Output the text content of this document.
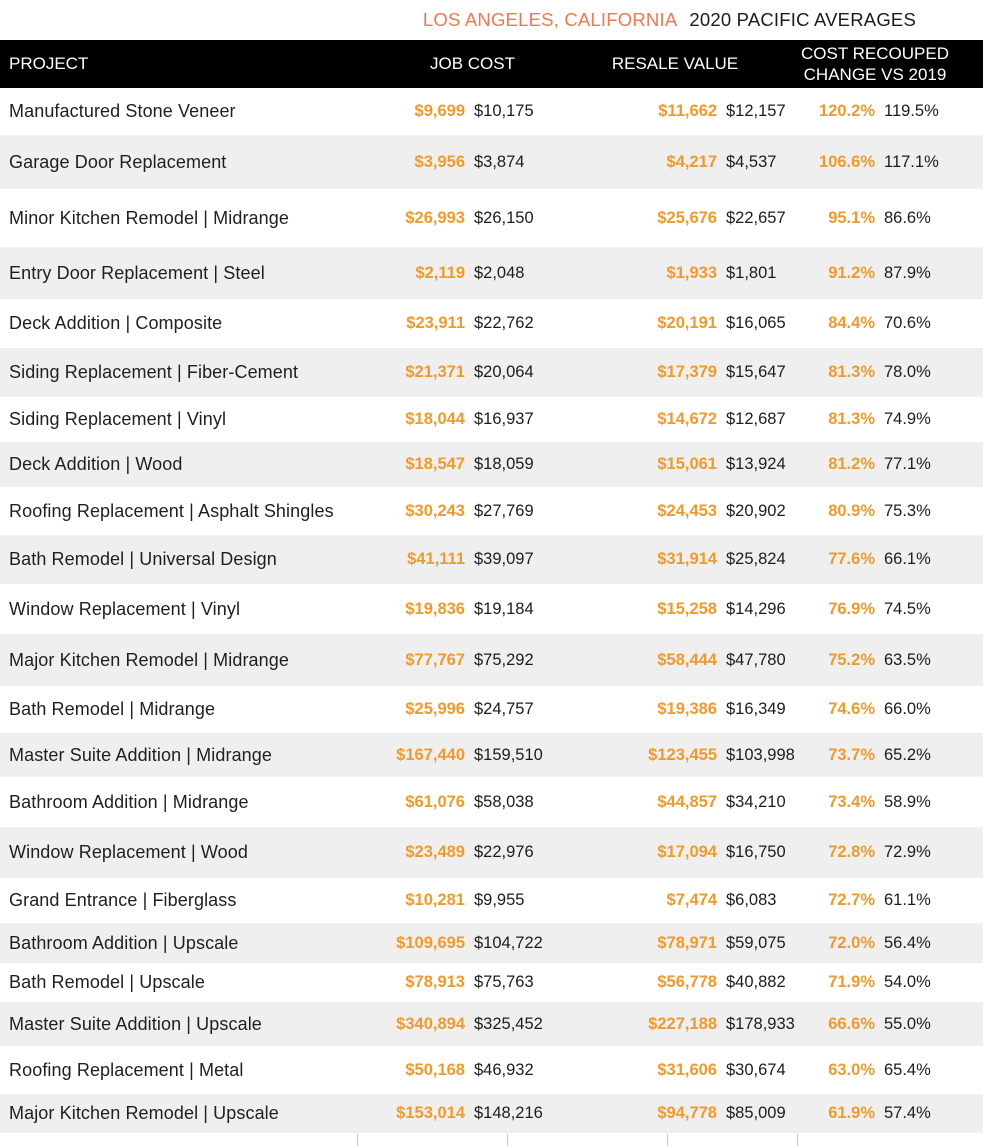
LOS ANGELES, CALIFORNIA 2020 PACIFIC AVERAGES
PROJECT	JOB COST	RESALE VALUE
COST RECOUPED
CHANGE VS 2019
Manufactured Stone Veneer	$9,699 $10,175	$11,662 $12,157	120.2% 119.5%
Garage Door Replacement	$3,956 $3,874	$4,217 $4,537	106.6% 117.1%
Minor Kitchen Remodel | Midrange	$26,993 $26,150	$25,676 $22,657	95.1% 86.6%
Entry Door Replacement | Steel	$2,119 $2,048	$1,933 $1,801	91.2% 87.9%
Deck Addition | Composite	$23,911 $22,762	$20,191 $16,065	84.4% 70.6%
Siding Replacement | Fiber-Cement	$21,371 $20,064	$17,379 $15,647	81.3% 78.0%
Siding Replacement | Vinyl	$18,044 $16,937	$14,672 $12,687	81.3% 74.9%
Deck Addition | Wood	$18,547 $18,059	$15,061 $13,924	81.2% 77.1%
Roofing Replacement | Asphalt Shingles	$30,243 $27,769	$24,453 $20,902	80.9% 75.3%
Bath Remodel | Universal Design	$41,111 $39,097	$31,914 $25,824	77.6% 66.1%
Window Replacement | Vinyl	$19,836 $19,184	$15,258 $14,296	76.9% 74.5%
Major Kitchen Remodel | Midrange	$77,767 $75,292	$58,444 $47,780	75.2% 63.5%
Bath Remodel | Midrange	$25,996 $24,757	$19,386 $16,349	74.6% 66.0%
Master Suite Addition | Midrange	$167,440 $159,510	$123,455 $103,998	73.7% 65.2%
Bathroom Addition | Midrange	$61,076 $58,038	$44,857 $34,210	73.4% 58.9%
Window Replacement | Wood	$23,489 $22,976	$17,094 $16,750	72.8% 72.9%
Grand Entrance | Fiberglass	$10,281 $9,955	$7,474 $6,083	72.7% 61.1%
Bathroom Addition | Upscale	$109,695 $104,722	$78,971 $59,075	72.0% 56.4%
Bath Remodel | Upscale	$78,913 $75,763	$56,778 $40,882	71.9% 54.0%
Master Suite Addition | Upscale	$340,894 $325,452	$227,188 $178,933	66.6% 55.0%
Roofing Replacement | Metal	$50,168 $46,932	$31,606 $30,674	63.0% 65.4%
Major Kitchen Remodel | Upscale	$153,014 $148,216	$94,778 $85,009	61.9% 57.4%
